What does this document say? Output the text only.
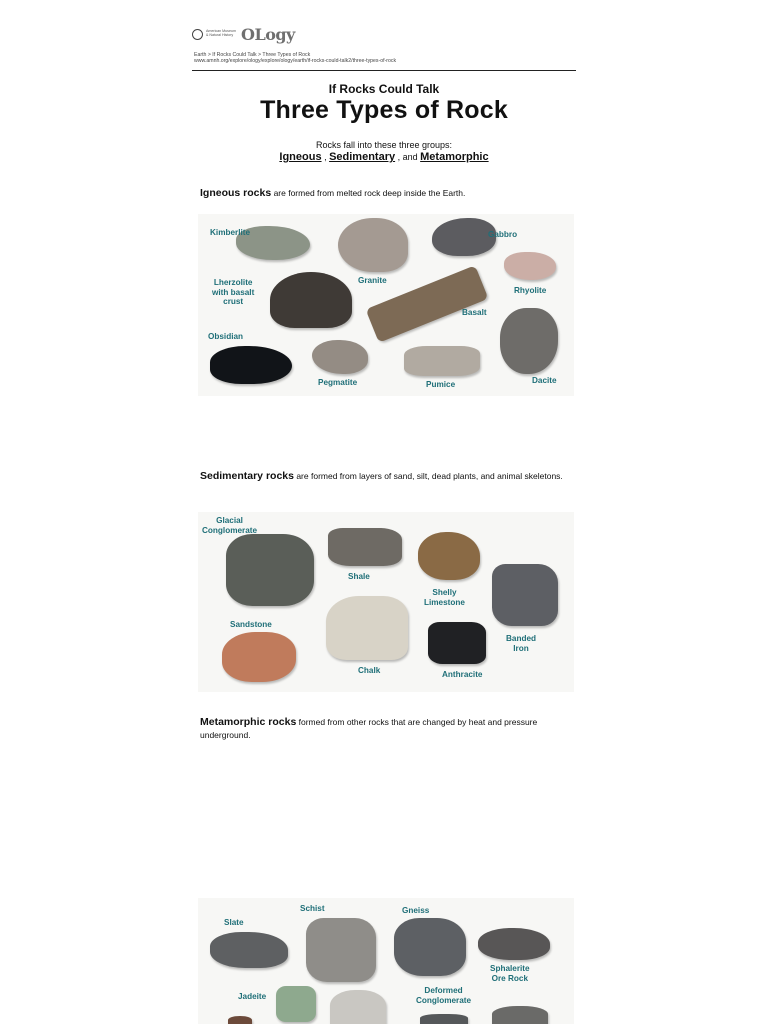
American Museum
& Natural History OLogy
Earth > If Rocks Could Talk > Three Types of Rock
www.amnh.org/explore/ology/explore/ology/earth/if-rocks-could-talk2/three-types-of-rock
If Rocks Could Talk
Three Types of Rock
Rocks fall into these three groups:
Igneous , Sedimentary , and Metamorphic
Igneous rocks are formed from melted rock deep inside the Earth.
Kimberlite
Granite
Gabbro
Lherzolite
with basalt
crust
Rhyolite
Basalt
Dacite
Obsidian
Pegmatite	Pumice
Sedimentary rocks are formed from layers of sand, silt, dead plants, and animal skeletons.
Glacial
Conglomerate
Shale
Shelly
Limestone
Banded
Iron
Sandstone
Chalk	Anthracite
Metamorphic rocks formed from other rocks that are changed by heat and pressure underground.
Slate
Schist	Gneiss
Sphalerite
Ore Rock
Jadeite
Deformed
Conglomerate
